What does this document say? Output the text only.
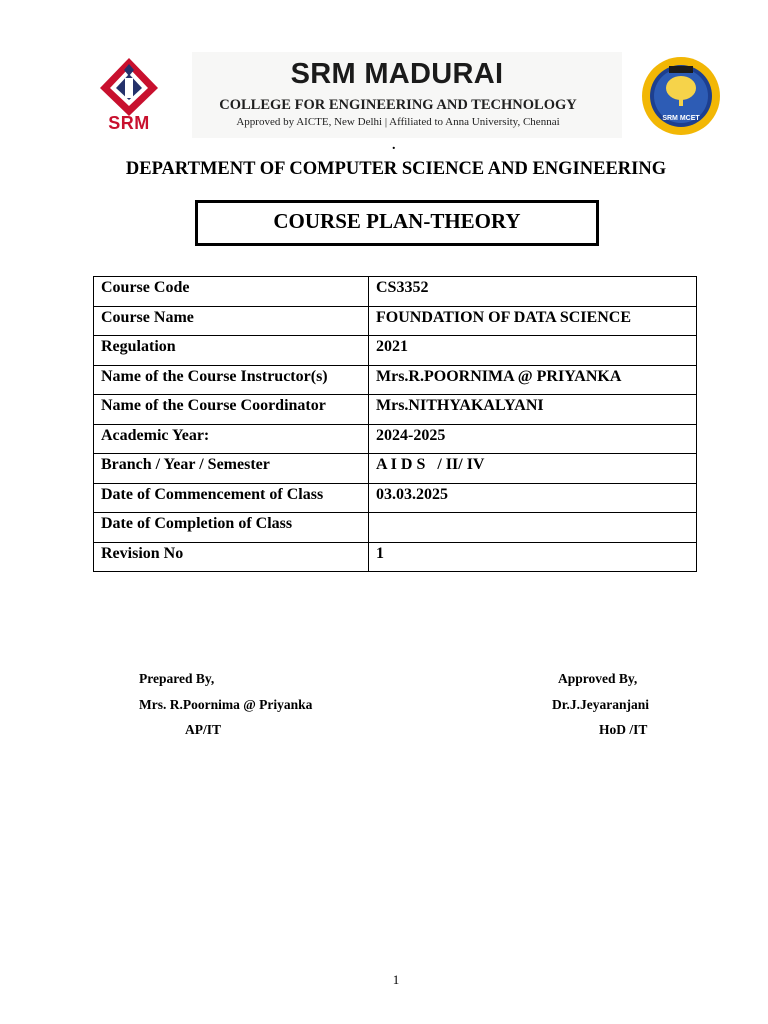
SRM
SRM MADURAI
COLLEGE FOR ENGINEERING AND TECHNOLOGY
Approved by AICTE, New Delhi | Affiliated to Anna University, Chennai	SRM MCET
.
DEPARTMENT OF COMPUTER SCIENCE AND ENGINEERING
COURSE PLAN-THEORY
Course Code	CS3352
Course Name	FOUNDATION OF DATA SCIENCE
Regulation	2021
Name of the Course Instructor(s)	Mrs.R.POORNIMA @ PRIYANKA
Name of the Course Coordinator	Mrs.NITHYAKALYANI
Academic Year:	2024-2025
Branch / Year / Semester	A I D S   / II/ IV
Date of Commencement of Class	03.03.2025
Date of Completion of Class	
Revision No	1
Prepared By,
Mrs. R.Poornima @ Priyanka
AP/IT
Approved By,
Dr.J.Jeyaranjani
HoD /IT
1
